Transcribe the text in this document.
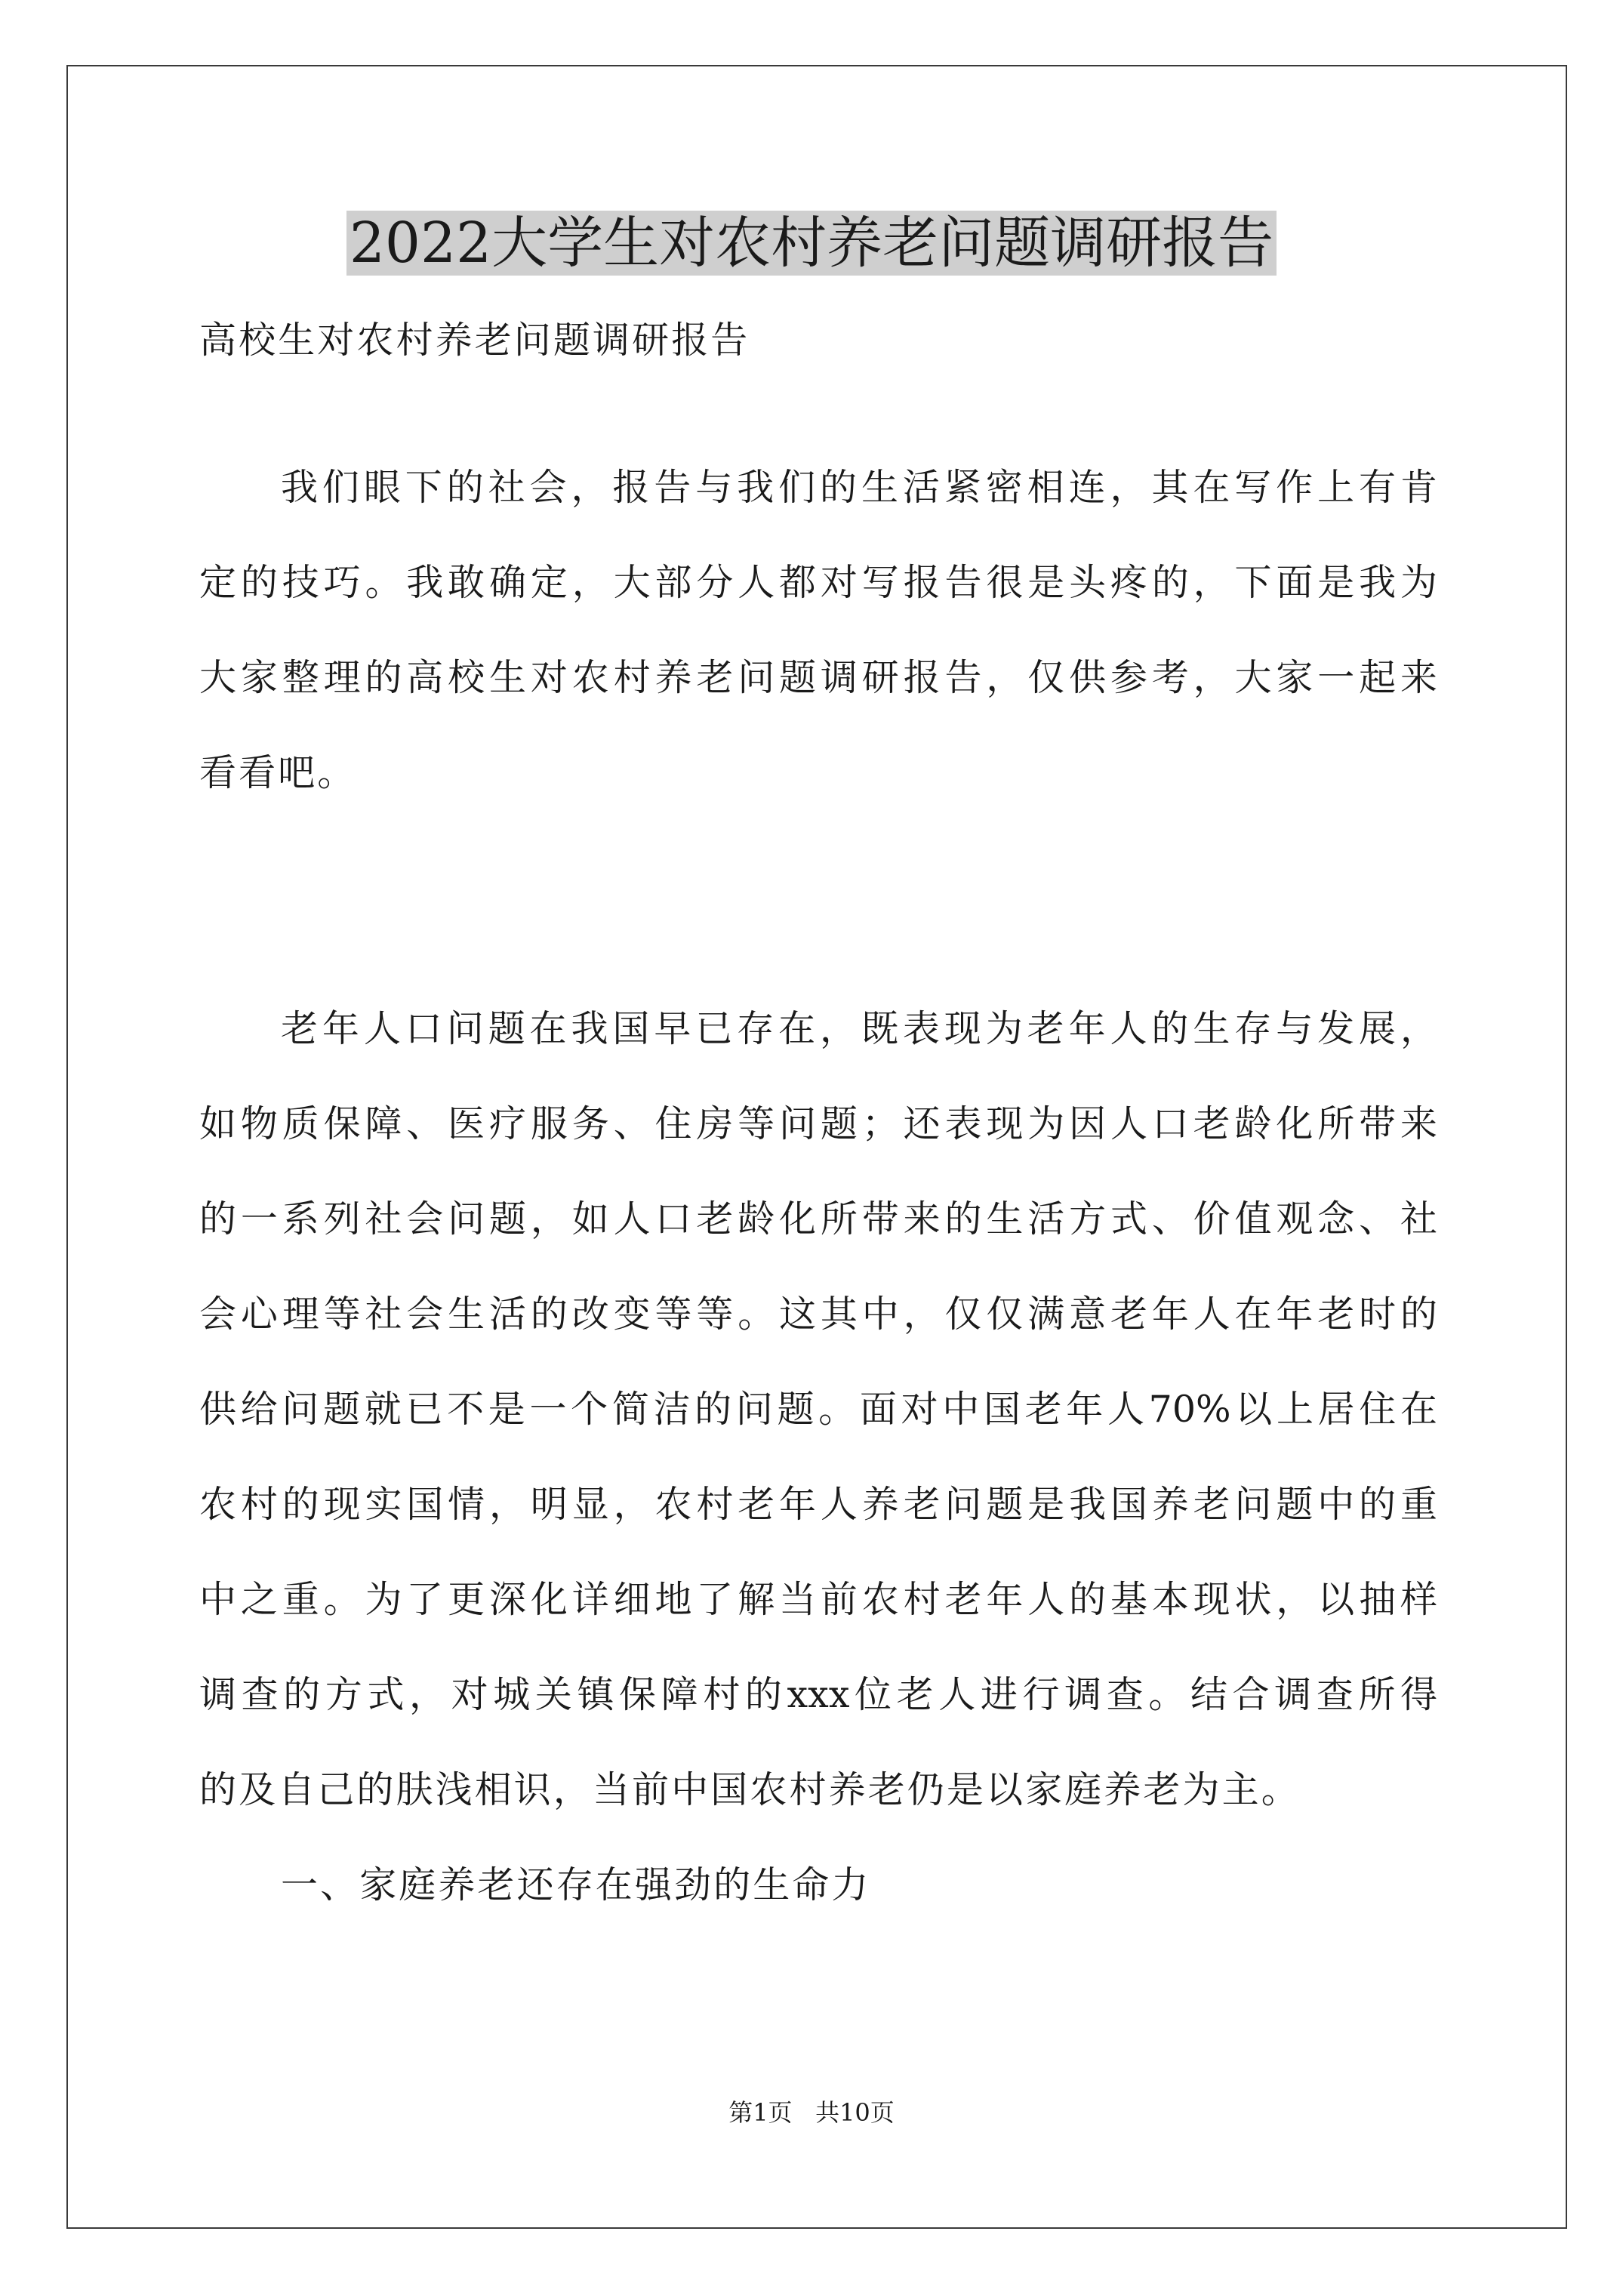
2022大学生对农村养老问题调研报告
高校生对农村养老问题调研报告
我们眼下的社会，报告与我们的生活紧密相连，其在写作上有肯
定的技巧。我敢确定，大部分人都对写报告很是头疼的，下面是我为
大家整理的高校生对农村养老问题调研报告，仅供参考，大家一起来
看看吧。
老年人口问题在我国早已存在，既表现为老年人的生存与发展，
如物质保障、医疗服务、住房等问题；还表现为因人口老龄化所带来
的一系列社会问题，如人口老龄化所带来的生活方式、价值观念、社
会心理等社会生活的改变等等。这其中，仅仅满意老年人在年老时的
供给问题就已不是一个简洁的问题。面对中国老年人70%以上居住在
农村的现实国情，明显，农村老年人养老问题是我国养老问题中的重
中之重。为了更深化详细地了解当前农村老年人的基本现状，以抽样
调查的方式，对城关镇保障村的xxx位老人进行调查。结合调查所得
的及自己的肤浅相识，当前中国农村养老仍是以家庭养老为主。
一、家庭养老还存在强劲的生命力
第1页   共10页
